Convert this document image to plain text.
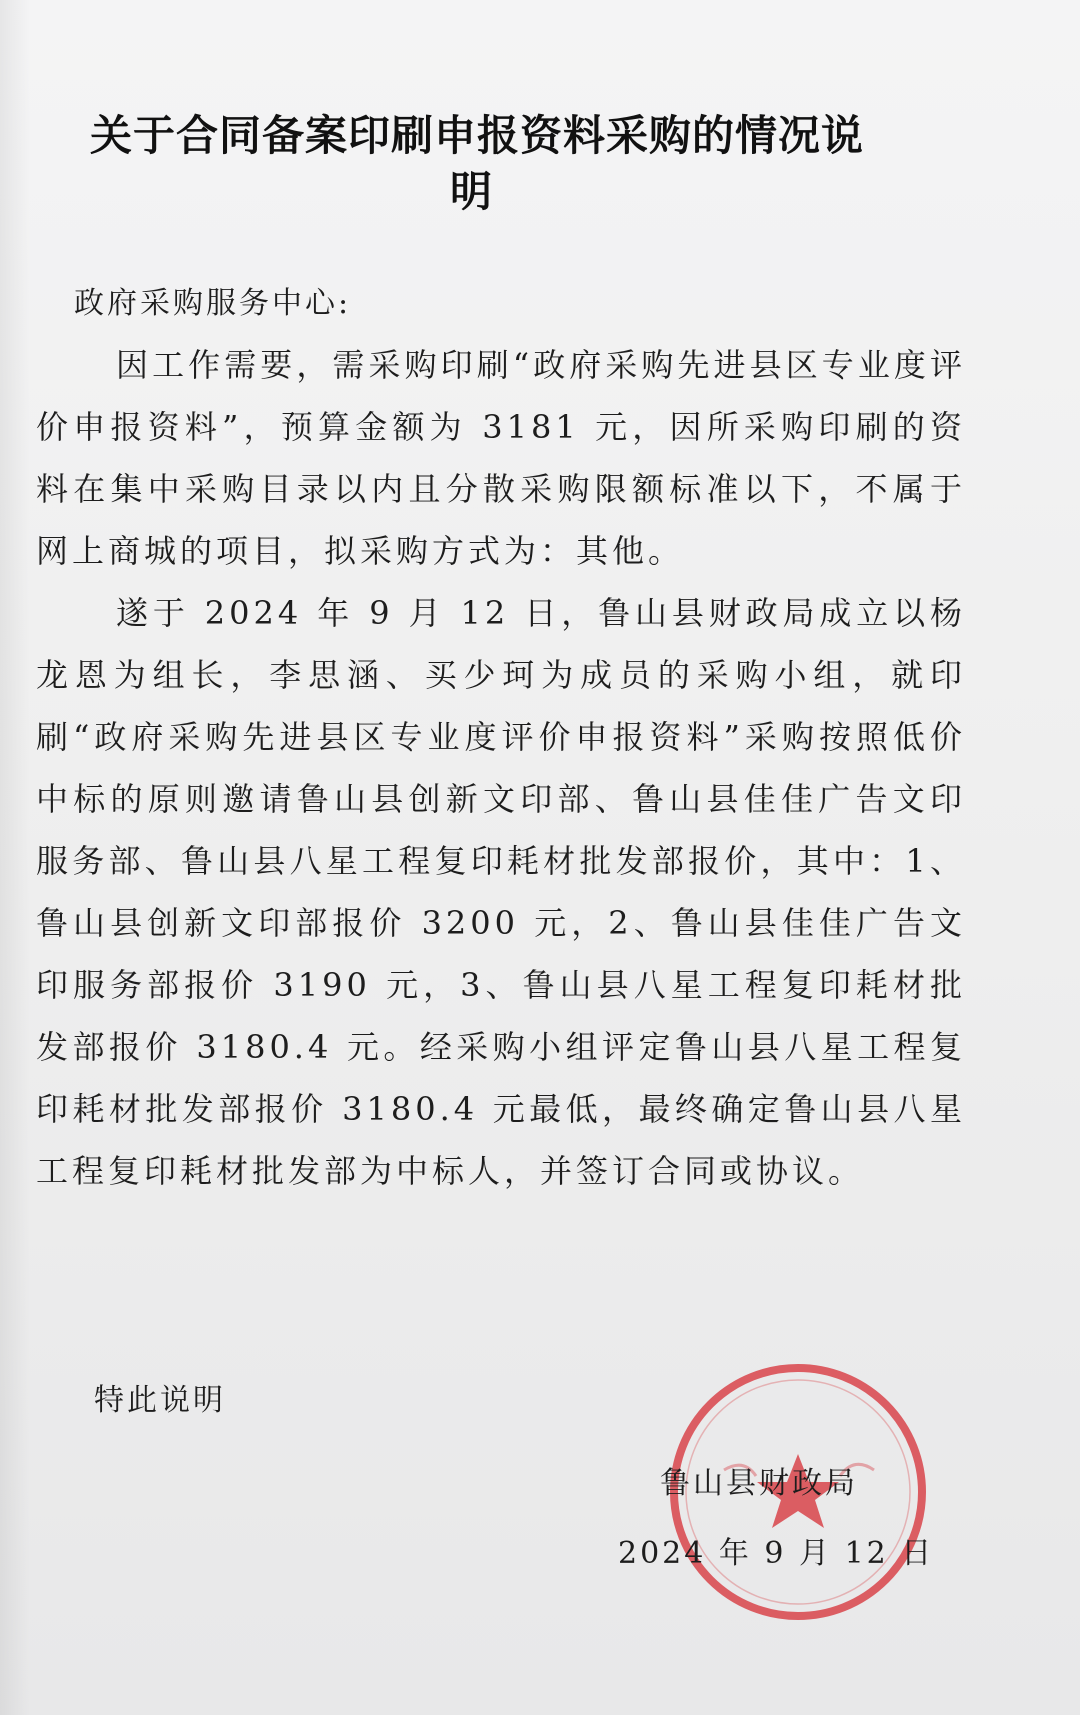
关于合同备案印刷申报资料采购的情况说
明
政府采购服务中心:

因工作需要，需采购印刷“政府采购先进县区专业度评价申报资料”，预算金额为 3181 元，因所采购印刷的资料在集中采购目录以内且分散采购限额标准以下，不属于网上商城的项目，拟采购方式为：其他。

遂于 2024 年 9 月 12 日，鲁山县财政局成立以杨龙恩为组长，李思涵、买少珂为成员的采购小组，就印刷“政府采购先进县区专业度评价申报资料”采购按照低价中标的原则邀请鲁山县创新文印部、鲁山县佳佳广告文印服务部、鲁山县八星工程复印耗材批发部报价，其中：1、鲁山县创新文印部报价 3200 元，2、鲁山县佳佳广告文印服务部报价 3190 元，3、鲁山县八星工程复印耗材批发部报价 3180.4 元。经采购小组评定鲁山县八星工程复印耗材批发部报价 3180.4 元最低，最终确定鲁山县八星工程复印耗材批发部为中标人，并签订合同或协议。

特此说明
鲁山县财政局
2024 年 9 月 12 日
